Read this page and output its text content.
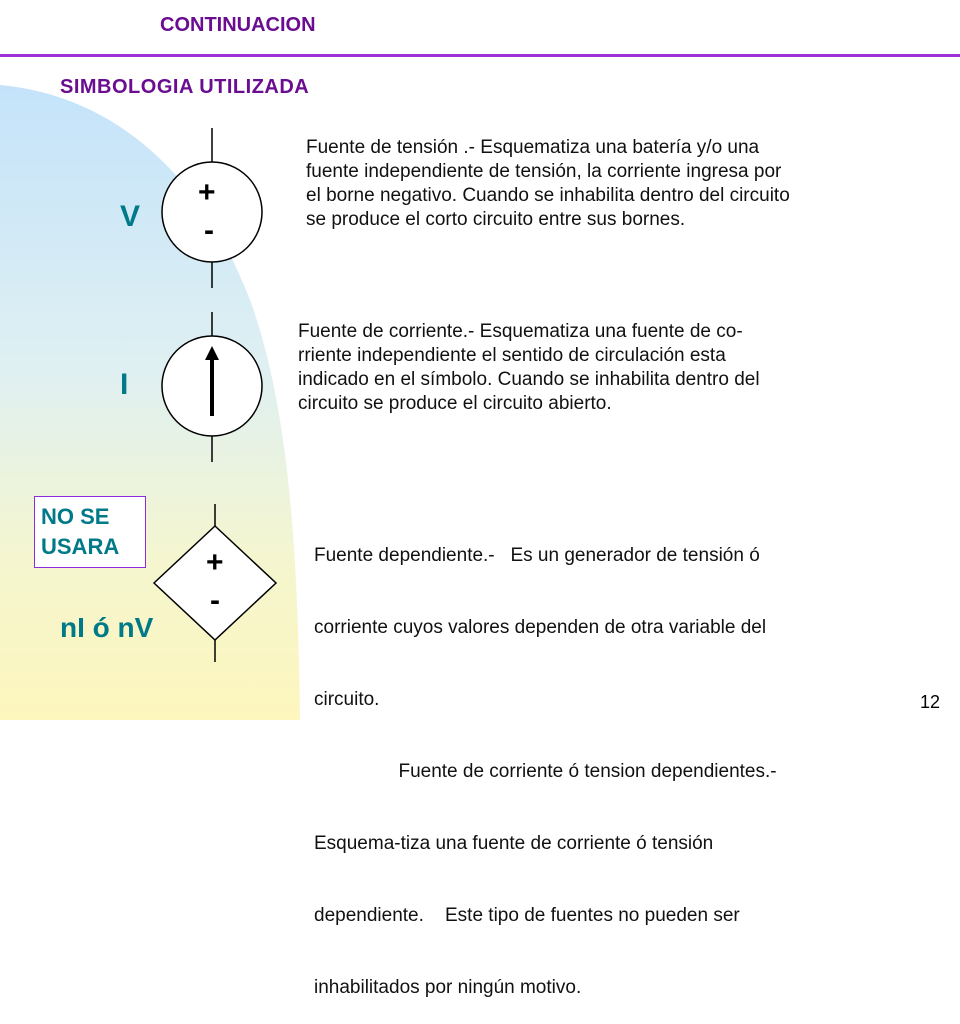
CONTINUACION
SIMBOLOGIA UTILIZADA
+
-
V
Fuente de tensión .- Esquematiza una batería y/o una
fuente independiente de tensión, la corriente ingresa por
el borne negativo. Cuando se inhabilita dentro del circuito
se produce el corto circuito entre sus bornes.
I
Fuente de corriente.- Esquematiza una fuente de co-
rriente independiente el sentido de circulación esta
indicado en el símbolo. Cuando se inhabilita dentro del
circuito se produce el circuito abierto.
NO SE
USARA	+
-
nI ó nV

Fuente dependiente.-   Es un generador de tensión ó

corriente cuyos valores dependen de otra variable del

circuito.

Fuente de corriente ó tension dependientes.-

Esquema-tiza una fuente de corriente ó tensión

dependiente.    Este tipo de fuentes no pueden ser

inhabilitados por ningún motivo.

12
